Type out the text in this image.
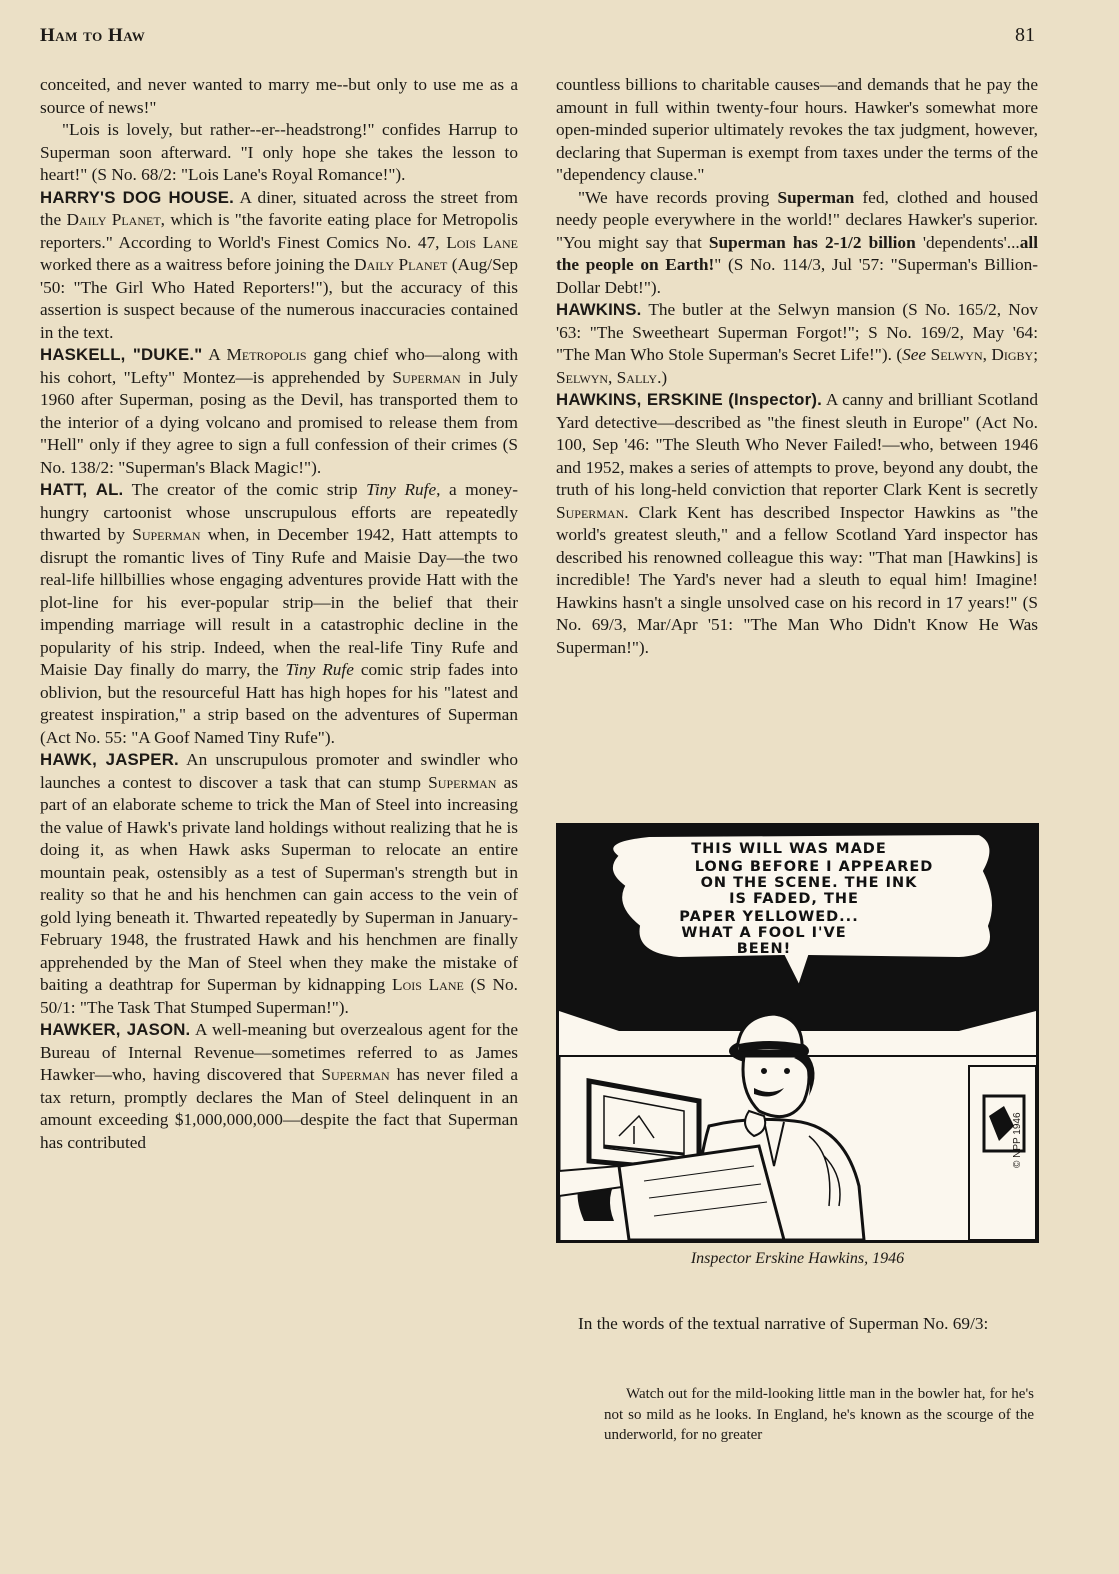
Ham to Haw	81

conceited, and never wanted to marry me--but only to use me as a source of news!"

"Lois is lovely, but rather--er--headstrong!" confides Harrup to Superman soon afterward. "I only hope she takes the lesson to heart!" (S No. 68/2: "Lois Lane's Royal Romance!").

HARRY'S DOG HOUSE. A diner, situated across the street from the Daily Planet, which is "the favorite eating place for Metropolis reporters." According to World's Finest Comics No. 47, Lois Lane worked there as a waitress before joining the Daily Planet (Aug/Sep '50: "The Girl Who Hated Reporters!"), but the accuracy of this assertion is suspect because of the numerous inaccuracies contained in the text.

HASKELL, "DUKE." A Metropolis gang chief who—along with his cohort, "Lefty" Montez—is apprehended by Superman in July 1960 after Superman, posing as the Devil, has transported them to the interior of a dying volcano and promised to release them from "Hell" only if they agree to sign a full confession of their crimes (S No. 138/2: "Superman's Black Magic!").

HATT, AL. The creator of the comic strip Tiny Rufe, a money-hungry cartoonist whose unscrupulous efforts are repeatedly thwarted by Superman when, in December 1942, Hatt attempts to disrupt the romantic lives of Tiny Rufe and Maisie Day—the two real-life hillbillies whose engaging adventures provide Hatt with the plot-line for his ever-popular strip—in the belief that their impending marriage will result in a catastrophic decline in the popularity of his strip. Indeed, when the real-life Tiny Rufe and Maisie Day finally do marry, the Tiny Rufe comic strip fades into oblivion, but the resourceful Hatt has high hopes for his "latest and greatest inspiration," a strip based on the adventures of Superman (Act No. 55: "A Goof Named Tiny Rufe").

HAWK, JASPER. An unscrupulous promoter and swindler who launches a contest to discover a task that can stump Superman as part of an elaborate scheme to trick the Man of Steel into increasing the value of Hawk's private land holdings without realizing that he is doing it, as when Hawk asks Superman to relocate an entire mountain peak, ostensibly as a test of Superman's strength but in reality so that he and his henchmen can gain access to the vein of gold lying beneath it. Thwarted repeatedly by Superman in January-February 1948, the frustrated Hawk and his henchmen are finally apprehended by the Man of Steel when they make the mistake of baiting a deathtrap for Superman by kidnapping Lois Lane (S No. 50/1: "The Task That Stumped Superman!").

HAWKER, JASON. A well-meaning but overzealous agent for the Bureau of Internal Revenue—sometimes referred to as James Hawker—who, having discovered that Superman has never filed a tax return, promptly declares the Man of Steel delinquent in an amount exceeding $1,000,000,000—despite the fact that Superman has contributed

countless billions to charitable causes—and demands that he pay the amount in full within twenty-four hours. Hawker's somewhat more open-minded superior ultimately revokes the tax judgment, however, declaring that Superman is exempt from taxes under the terms of the "dependency clause."

"We have records proving Superman fed, clothed and housed needy people everywhere in the world!" declares Hawker's superior. "You might say that Superman has 2-1/2 billion 'dependents'...all the people on Earth!" (S No. 114/3, Jul '57: "Superman's Billion-Dollar Debt!").

HAWKINS. The butler at the Selwyn mansion (S No. 165/2, Nov '63: "The Sweetheart Superman Forgot!"; S No. 169/2, May '64: "The Man Who Stole Superman's Secret Life!"). (See Selwyn, Digby; Selwyn, Sally.)

HAWKINS, ERSKINE (Inspector). A canny and brilliant Scotland Yard detective—described as "the finest sleuth in Europe" (Act No. 100, Sep '46: "The Sleuth Who Never Failed!—who, between 1946 and 1952, makes a series of attempts to prove, beyond any doubt, the truth of his long-held conviction that reporter Clark Kent is secretly Superman. Clark Kent has described Inspector Hawkins as "the world's greatest sleuth," and a fellow Scotland Yard inspector has described his renowned colleague this way: "That man [Hawkins] is incredible! The Yard's never had a sleuth to equal him! Imagine! Hawkins hasn't a single unsolved case on his record in 17 years!" (S No. 69/3, Mar/Apr '51: "The Man Who Didn't Know He Was Superman!").

THIS WILL WAS MADE
LONG BEFORE I APPEARED
ON THE SCENE. THE INK
IS FADED, THE
PAPER YELLOWED...
WHAT A FOOL I'VE
BEEN!
© NPP 1946
Inspector Erskine Hawkins, 1946

In the words of the textual narrative of Superman No. 69/3:

Watch out for the mild-looking little man in the bowler hat, for he's not so mild as he looks. In England, he's known as the scourge of the underworld, for no greater
